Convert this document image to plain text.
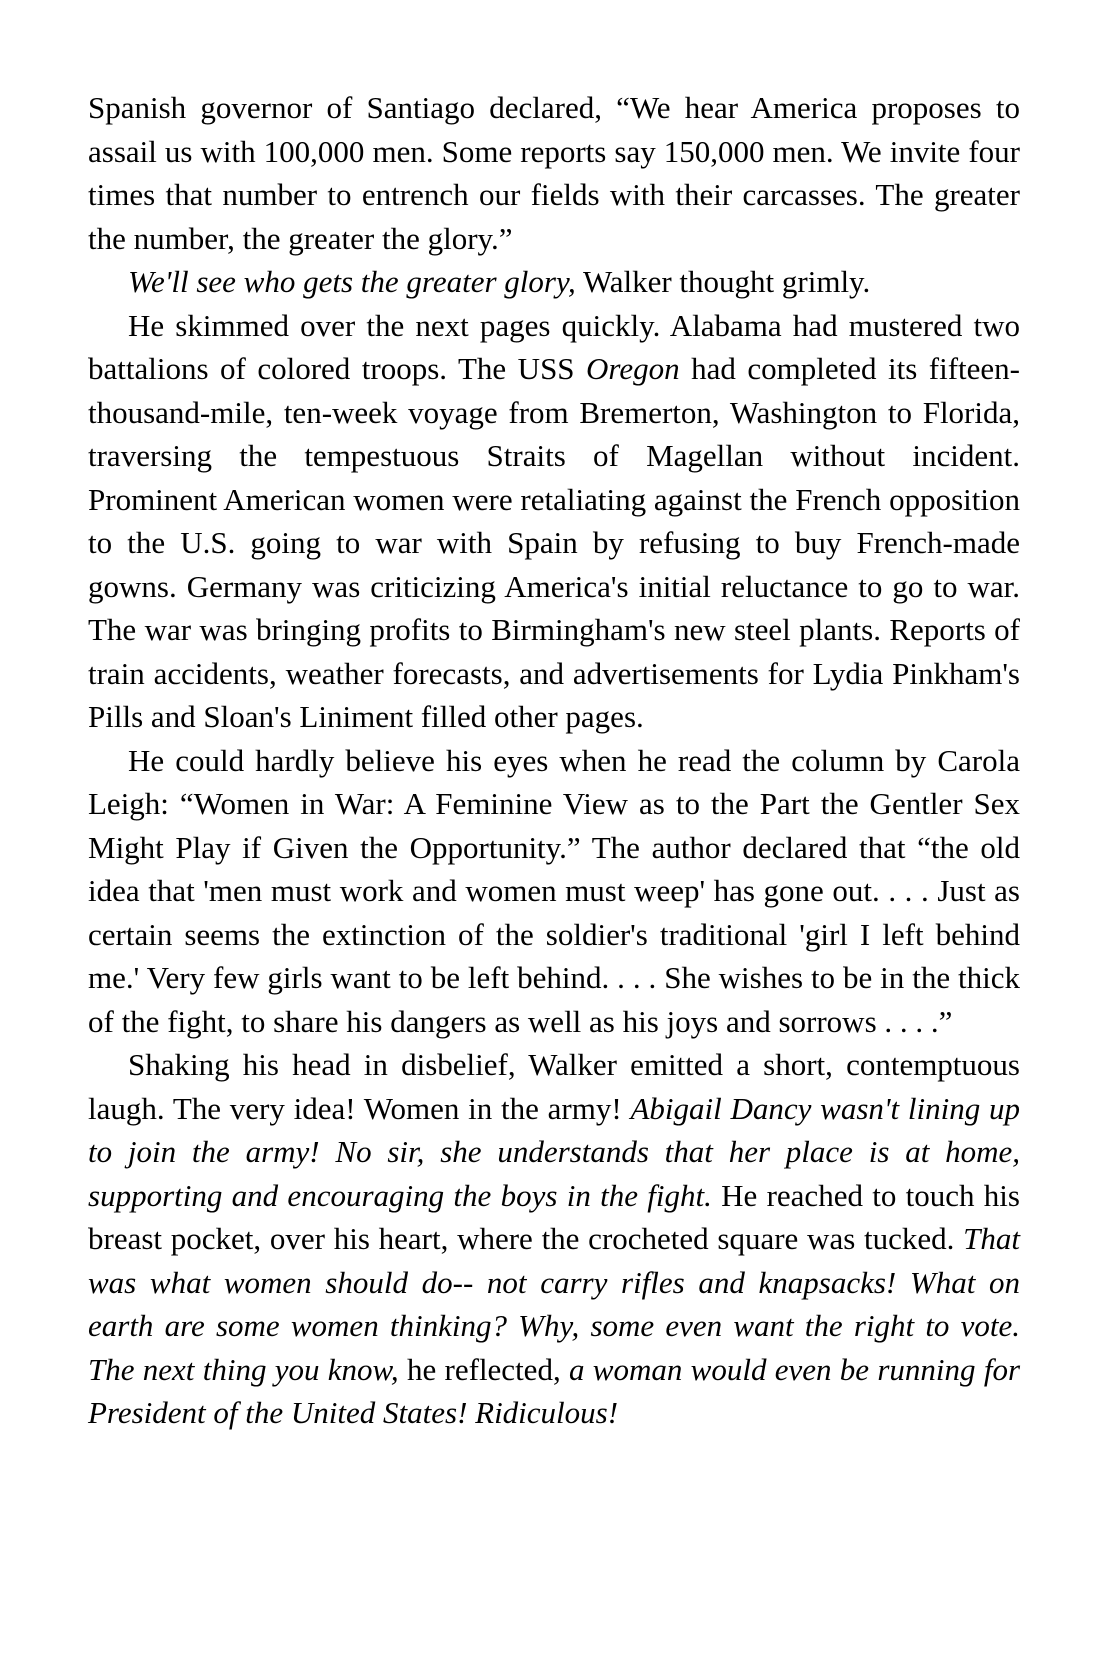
Spanish governor of Santiago declared, “We hear America proposes to assail us with 100,000 men. Some reports say 150,000 men. We invite four times that number to entrench our fields with their carcasses. The greater the number, the greater the glory.”

We'll see who gets the greater glory, Walker thought grimly.

He skimmed over the next pages quickly. Alabama had mustered two battalions of colored troops. The USS Oregon had completed its fifteen-thousand-mile, ten-week voyage from Bremerton, Washington to Florida, traversing the tempestuous Straits of Magellan without incident. Prominent American women were retaliating against the French opposition to the U.S. going to war with Spain by refusing to buy French-made gowns. Germany was criticizing America's initial reluctance to go to war. The war was bringing profits to Birmingham's new steel plants. Reports of train accidents, weather forecasts, and advertisements for Lydia Pinkham's Pills and Sloan's Liniment filled other pages.

He could hardly believe his eyes when he read the column by Carola Leigh: “Women in War: A Feminine View as to the Part the Gentler Sex Might Play if Given the Opportunity.” The author declared that “the old idea that 'men must work and women must weep' has gone out. . . . Just as certain seems the extinction of the soldier's traditional 'girl I left behind me.' Very few girls want to be left behind. . . . She wishes to be in the thick of the fight, to share his dangers as well as his joys and sorrows . . . .”

Shaking his head in disbelief, Walker emitted a short, contemptuous laugh. The very idea! Women in the army! Abigail Dancy wasn't lining up to join the army! No sir, she understands that her place is at home, supporting and encouraging the boys in the fight. He reached to touch his breast pocket, over his heart, where the crocheted square was tucked. That was what women should do-- not carry rifles and knapsacks! What on earth are some women thinking? Why, some even want the right to vote. The next thing you know, he reflected, a woman would even be running for President of the United States! Ridiculous!
